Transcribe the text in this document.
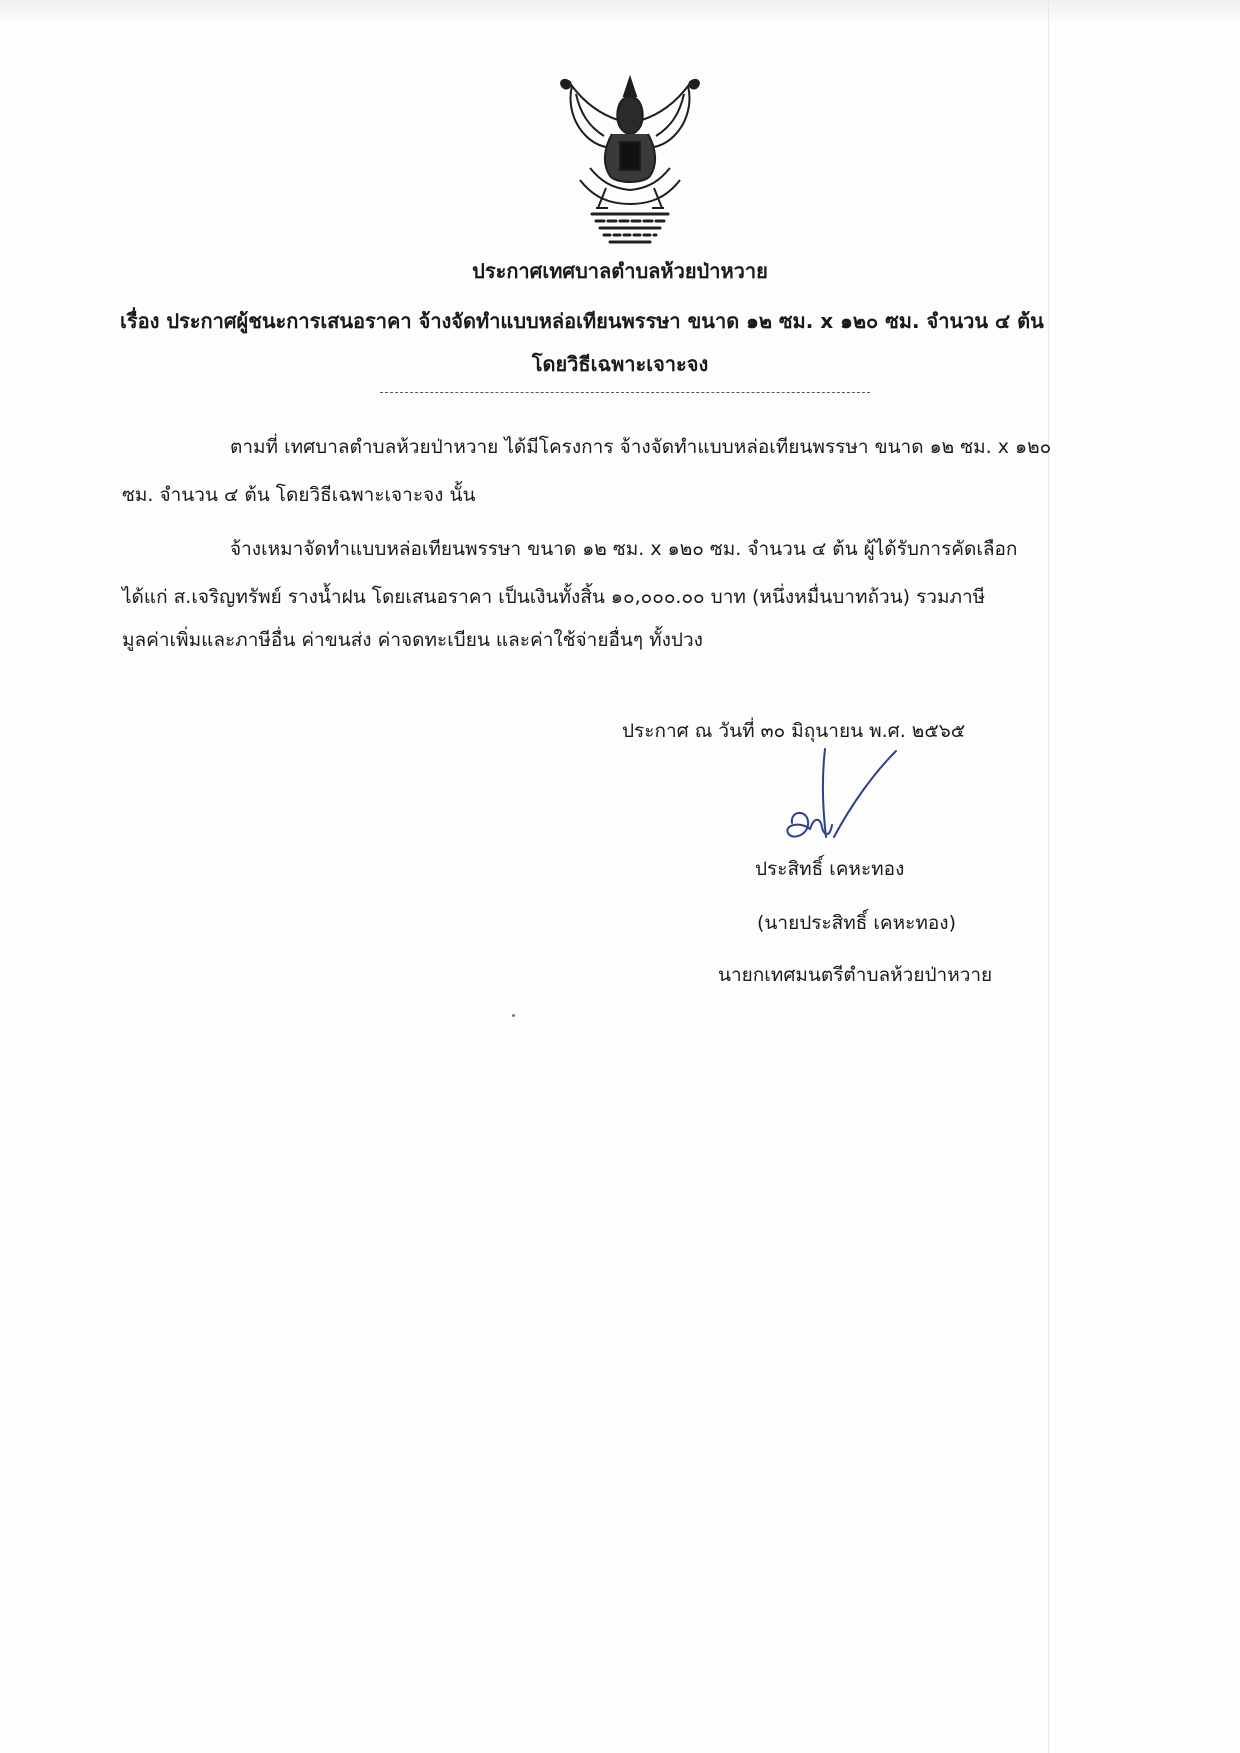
ประกาศเทศบาลตำบลห้วยป่าหวาย
เรื่อง ประกาศผู้ชนะการเสนอราคา จ้างจัดทำแบบหล่อเทียนพรรษา ขนาด ๑๒ ซม. x ๑๒๐ ซม. จำนวน ๔ ต้น
โดยวิธีเฉพาะเจาะจง
ตามที่ เทศบาลตำบลห้วยป่าหวาย ได้มีโครงการ จ้างจัดทำแบบหล่อเทียนพรรษา ขนาด ๑๒ ซม. x ๑๒๐
ซม. จำนวน ๔ ต้น โดยวิธีเฉพาะเจาะจง นั้น
จ้างเหมาจัดทำแบบหล่อเทียนพรรษา ขนาด ๑๒ ซม. x ๑๒๐ ซม. จำนวน ๔ ต้น ผู้ได้รับการคัดเลือก
ได้แก่ ส.เจริญทรัพย์ รางน้ำฝน โดยเสนอราคา เป็นเงินทั้งสิ้น ๑๐,๐๐๐.๐๐ บาท (หนึ่งหมื่นบาทถ้วน) รวมภาษี
มูลค่าเพิ่มและภาษีอื่น ค่าขนส่ง ค่าจดทะเบียน และค่าใช้จ่ายอื่นๆ ทั้งปวง
ประกาศ ณ วันที่ ๓๐ มิถุนายน พ.ศ. ๒๕๖๕
ประสิทธิ์ เคหะทอง
(นายประสิทธิ์ เคหะทอง)
นายกเทศมนตรีตำบลห้วยป่าหวาย
